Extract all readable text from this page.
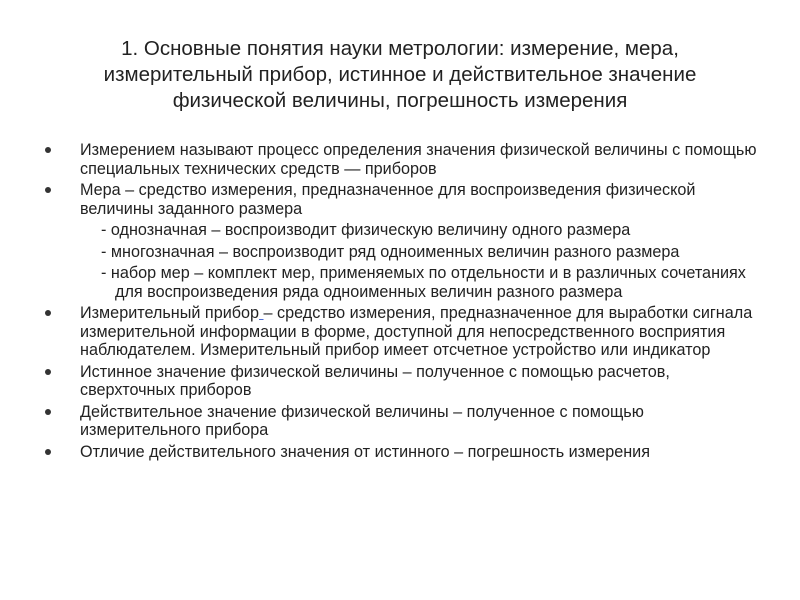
1. Основные понятия науки метрологии: измерение, мера, измерительный прибор, истинное и действительное значение физической величины, погрешность измерения
Измерением называют процесс определения значения физической величины с помощью специальных технических средств — приборов
Мера – средство измерения, предназначенное для воспроизведения физической величины заданного размера
- однозначная – воспроизводит физическую величину одного размера
- многозначная – воспроизводит ряд одноименных величин разного размера
- набор мер – комплект мер, применяемых по отдельности и в различных сочетаниях для воспроизведения ряда одноименных величин разного размера
Измерительный прибор – средство измерения, предназначенное для выработки сигнала измерительной информации в форме, доступной для непосредственного восприятия наблюдателем. Измерительный прибор имеет отсчетное устройство или индикатор
Истинное значение физической величины – полученное с помощью расчетов, сверхточных приборов
Действительное значение физической величины – полученное с помощью измерительного прибора
Отличие действительного значения от истинного – погрешность измерения
